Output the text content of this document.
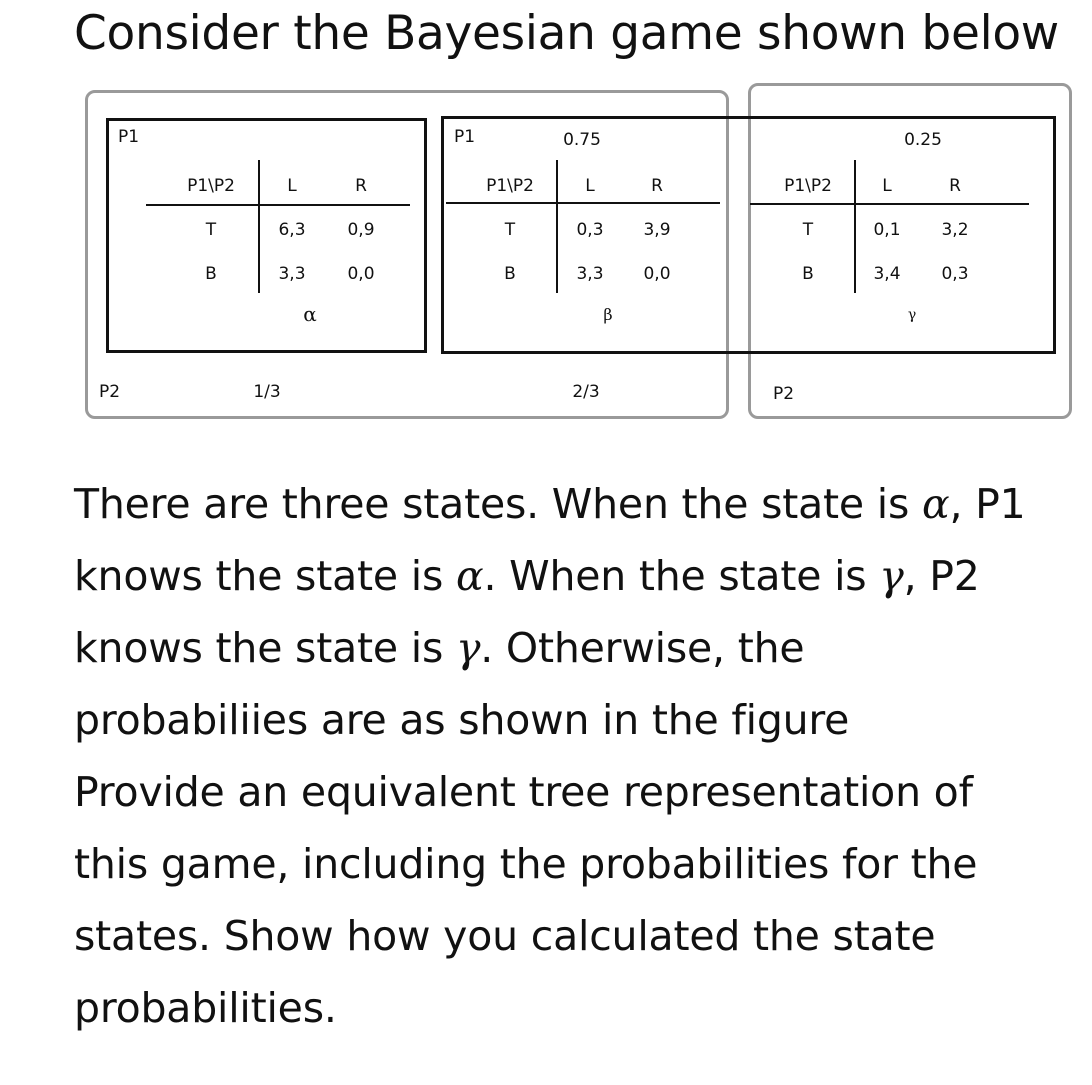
Consider the Bayesian game shown below
P1	P1
P2	P2
1/3	2/3
P1\P2	L	R
T	6,3 0,9
B	3,3 0,0
α
0.75
P1\P2	L	R
T	0,3 3,9
B	3,3 0,0
β
0.25
P1\P2	L	R
T	0,1 3,2
B	3,4 0,3
γ
There are three states. When the state is α, P1
knows the state is α. When the state is γ, P2
knows the state is γ. Otherwise, the
probabiliies are as shown in the figure
Provide an equivalent tree representation of
this game, including the probabilities for the
states. Show how you calculated the state
probabilities.
